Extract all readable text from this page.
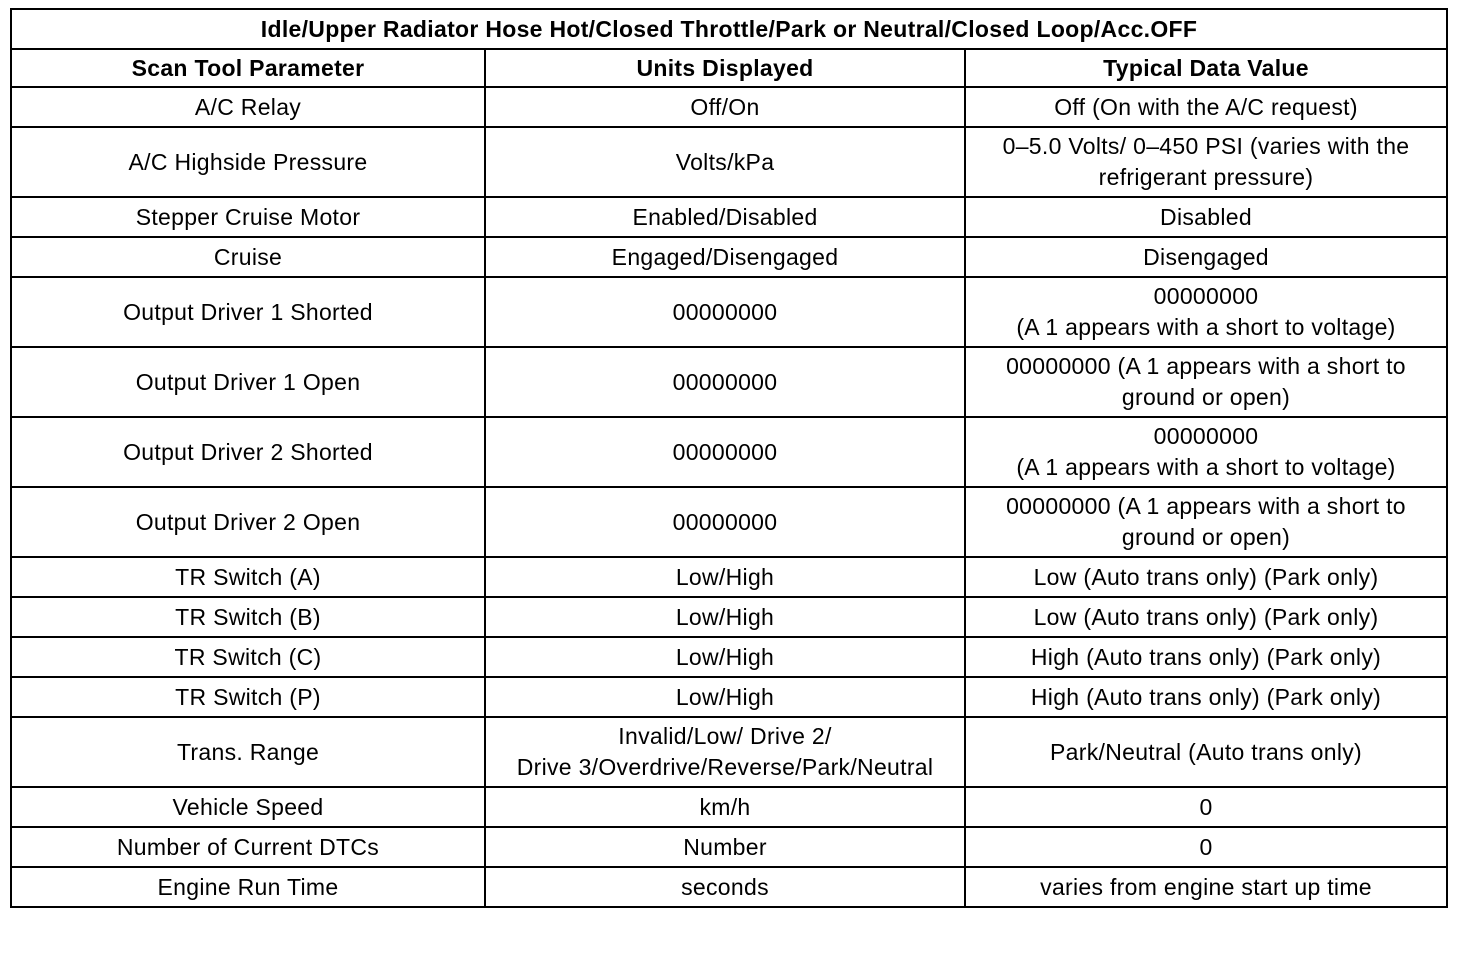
Idle/Upper Radiator Hose Hot/Closed Throttle/Park or Neutral/Closed Loop/Acc.OFF		
Scan Tool Parameter	Units Displayed	Typical Data Value
A/C Relay	Off/On	Off (On with the A/C request)

A/C Highside Pressure	Volts/kPa	0–5.0 Volts/ 0–450 PSI (varies with the
refrigerant pressure)

Stepper Cruise Motor	Enabled/Disabled	Disabled

Cruise	Engaged/Disengaged	Disengaged

Output Driver 1 Shorted	00000000	00000000
(A 1 appears with a short to voltage)

Output Driver 1 Open	00000000	00000000 (A 1 appears with a short to
ground or open)

Output Driver 2 Shorted	00000000	00000000
(A 1 appears with a short to voltage)

Output Driver 2 Open	00000000	00000000 (A 1 appears with a short to
ground or open)

TR Switch (A)	Low/High	Low (Auto trans only) (Park only)

TR Switch (B)	Low/High	Low (Auto trans only) (Park only)

TR Switch (C)	Low/High	High (Auto trans only) (Park only)

TR Switch (P)	Low/High	High (Auto trans only) (Park only)

Trans. Range	Invalid/Low/ Drive 2/
Drive 3/Overdrive/Reverse/Park/Neutral	Park/Neutral (Auto trans only)

Vehicle Speed	km/h	0

Number of Current DTCs	Number	0

Engine Run Time	seconds	varies from engine start up time
